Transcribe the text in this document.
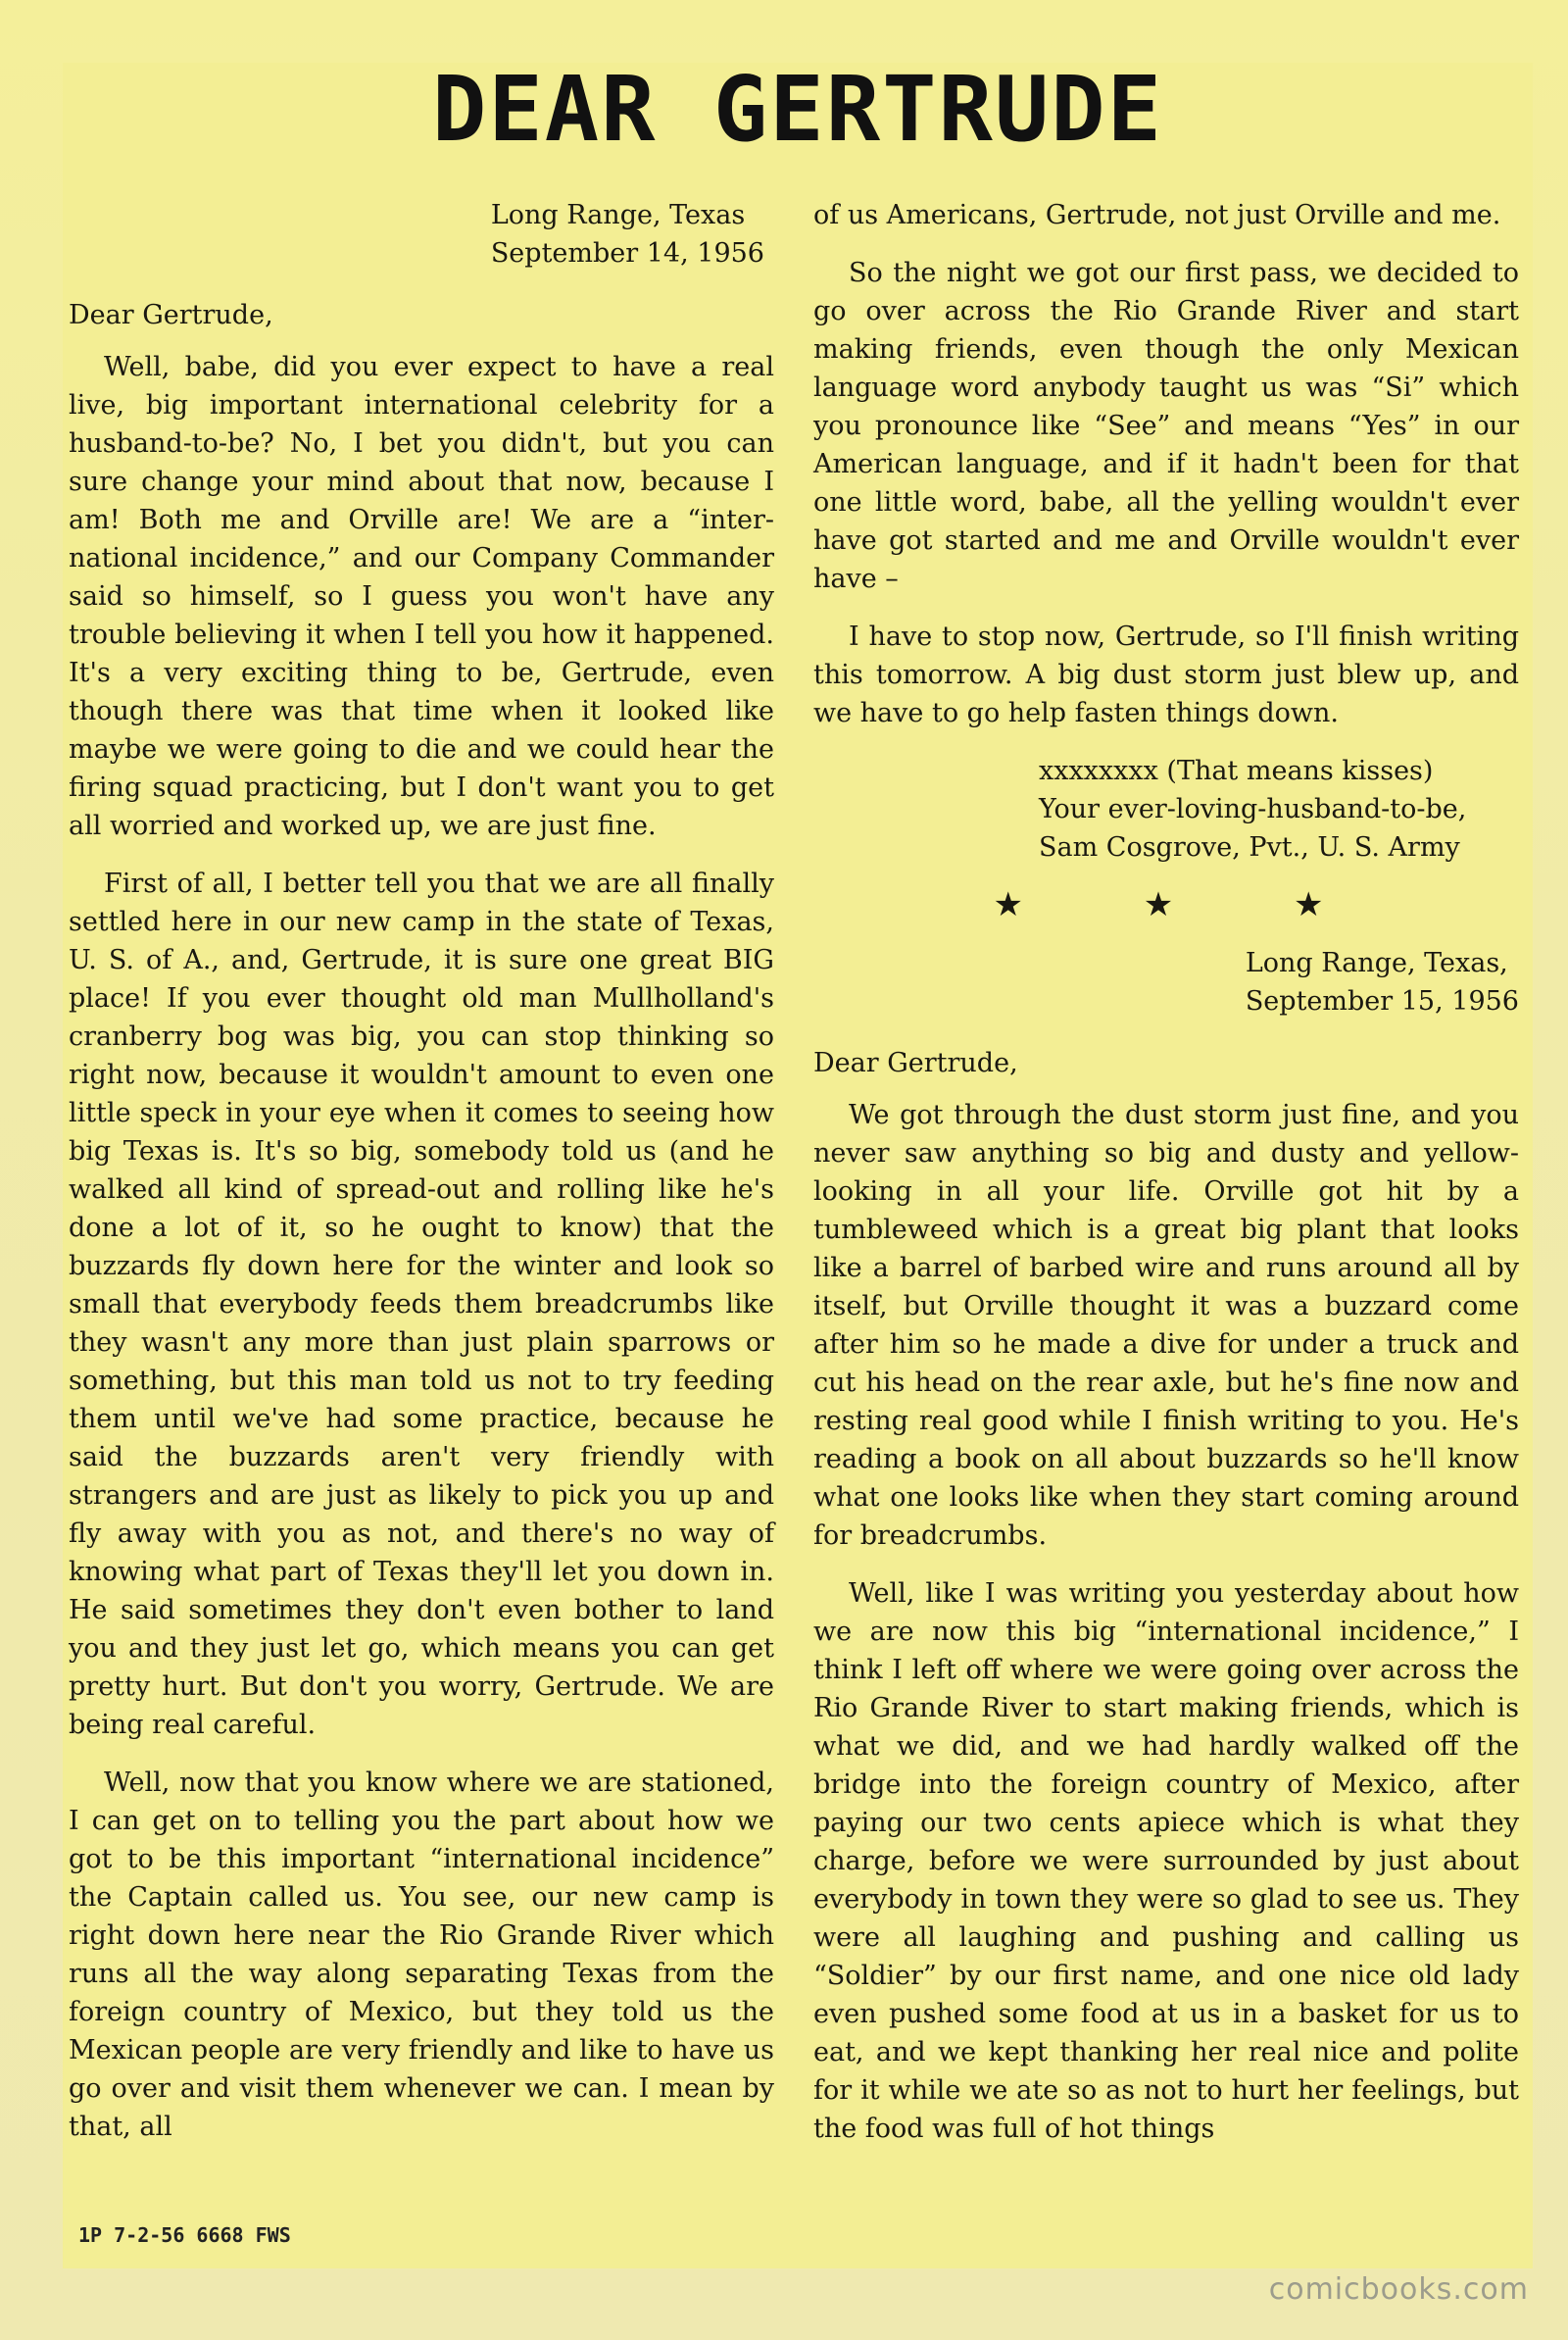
DEAR GERTRUDE
Long Range, Texas
September 14, 1956
Dear Gertrude,

Well, babe, did you ever expect to have a real live, big important international celebrity for a husband-to-be? No, I bet you didn't, but you can sure change your mind about that now, because I am! Both me and Orville are! We are a “inter-national incidence,” and our Company Commander said so himself, so I guess you won't have any trouble believing it when I tell you how it happened. It's a very exciting thing to be, Gertrude, even though there was that time when it looked like maybe we were going to die and we could hear the firing squad practicing, but I don't want you to get all worried and worked up, we are just fine.

First of all, I better tell you that we are all finally settled here in our new camp in the state of Texas, U. S. of A., and, Gertrude, it is sure one great BIG place! If you ever thought old man Mullholland's cranberry bog was big, you can stop thinking so right now, because it wouldn't amount to even one little speck in your eye when it comes to seeing how big Texas is. It's so big, somebody told us (and he walked all kind of spread-out and rolling like he's done a lot of it, so he ought to know) that the buzzards fly down here for the winter and look so small that everybody feeds them breadcrumbs like they wasn't any more than just plain sparrows or something, but this man told us not to try feeding them until we've had some practice, because he said the buzzards aren't very friendly with strangers and are just as likely to pick you up and fly away with you as not, and there's no way of knowing what part of Texas they'll let you down in. He said sometimes they don't even bother to land you and they just let go, which means you can get pretty hurt. But don't you worry, Gertrude. We are being real careful.

Well, now that you know where we are stationed, I can get on to telling you the part about how we got to be this important “international incidence” the Captain called us. You see, our new camp is right down here near the Rio Grande River which runs all the way along separating Texas from the foreign country of Mexico, but they told us the Mexican people are very friendly and like to have us go over and visit them whenever we can. I mean by that, all

of us Americans, Gertrude, not just Orville and me.

So the night we got our first pass, we decided to go over across the Rio Grande River and start making friends, even though the only Mexican language word anybody taught us was “Si” which you pronounce like “See” and means “Yes” in our American language, and if it hadn't been for that one little word, babe, all the yelling wouldn't ever have got started and me and Orville wouldn't ever have –

I have to stop now, Gertrude, so I'll finish writing this tomorrow. A big dust storm just blew up, and we have to go help fasten things down.

xxxxxxxx (That means kisses)
Your ever-loving-husband-to-be,
Sam Cosgrove, Pvt., U. S. Army
★ ★ ★
Long Range, Texas,
September 15, 1956
Dear Gertrude,

We got through the dust storm just fine, and you never saw anything so big and dusty and yellow-looking in all your life. Orville got hit by a tumbleweed which is a great big plant that looks like a barrel of barbed wire and runs around all by itself, but Orville thought it was a buzzard come after him so he made a dive for under a truck and cut his head on the rear axle, but he's fine now and resting real good while I finish writing to you. He's reading a book on all about buzzards so he'll know what one looks like when they start coming around for breadcrumbs.

Well, like I was writing you yesterday about how we are now this big “international incidence,” I think I left off where we were going over across the Rio Grande River to start making friends, which is what we did, and we had hardly walked off the bridge into the foreign country of Mexico, after paying our two cents apiece which is what they charge, before we were surrounded by just about everybody in town they were so glad to see us. They were all laughing and pushing and calling us “Soldier” by our first name, and one nice old lady even pushed some food at us in a basket for us to eat, and we kept thanking her real nice and polite for it while we ate so as not to hurt her feelings, but the food was full of hot things

1P 7-2-56 6668 FWS
comicbooks.com
